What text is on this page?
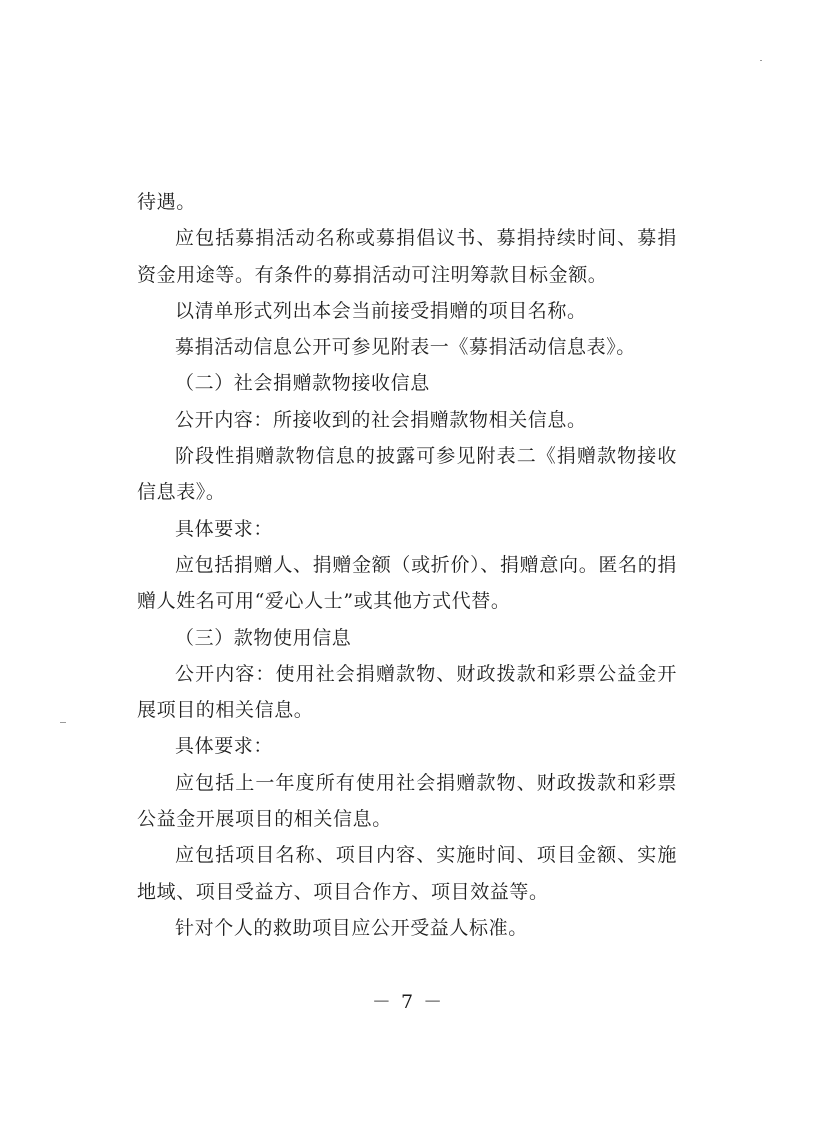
待遇。
应包括募捐活动名称或募捐倡议书、募捐持续时间、募捐
资金用途等。有条件的募捐活动可注明筹款目标金额。
以清单形式列出本会当前接受捐赠的项目名称。
募捐活动信息公开可参见附表一《募捐活动信息表》。
（二）社会捐赠款物接收信息
公开内容：所接收到的社会捐赠款物相关信息。
阶段性捐赠款物信息的披露可参见附表二《捐赠款物接收
信息表》。
具体要求：
应包括捐赠人、捐赠金额（或折价）、捐赠意向。匿名的捐
赠人姓名可用“爱心人士”或其他方式代替。
（三）款物使用信息
公开内容：使用社会捐赠款物、财政拨款和彩票公益金开
展项目的相关信息。
具体要求：
应包括上一年度所有使用社会捐赠款物、财政拨款和彩票
公益金开展项目的相关信息。
应包括项目名称、项目内容、实施时间、项目金额、实施
地域、项目受益方、项目合作方、项目效益等。
针对个人的救助项目应公开受益人标准。
－ 7 －
